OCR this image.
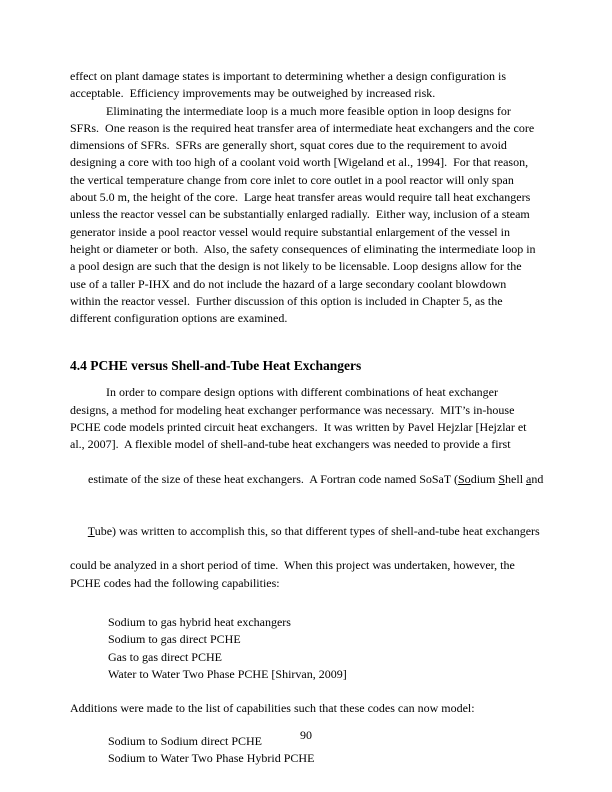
effect on plant damage states is important to determining whether a design configuration is
acceptable.  Efficiency improvements may be outweighed by increased risk.
Eliminating the intermediate loop is a much more feasible option in loop designs for
SFRs.  One reason is the required heat transfer area of intermediate heat exchangers and the core
dimensions of SFRs.  SFRs are generally short, squat cores due to the requirement to avoid
designing a core with too high of a coolant void worth [Wigeland et al., 1994].  For that reason,
the vertical temperature change from core inlet to core outlet in a pool reactor will only span
about 5.0 m, the height of the core.  Large heat transfer areas would require tall heat exchangers
unless the reactor vessel can be substantially enlarged radially.  Either way, inclusion of a steam
generator inside a pool reactor vessel would require substantial enlargement of the vessel in
height or diameter or both.  Also, the safety consequences of eliminating the intermediate loop in
a pool design are such that the design is not likely to be licensable. Loop designs allow for the
use of a taller P-IHX and do not include the hazard of a large secondary coolant blowdown
within the reactor vessel.  Further discussion of this option is included in Chapter 5, as the
different configuration options are examined.
4.4 PCHE versus Shell-and-Tube Heat Exchangers
In order to compare design options with different combinations of heat exchanger
designs, a method for modeling heat exchanger performance was necessary.  MIT’s in-house
PCHE code models printed circuit heat exchangers.  It was written by Pavel Hejzlar [Hejzlar et
al., 2007].  A flexible model of shell-and-tube heat exchangers was needed to provide a first

estimate of the size of these heat exchangers.  A Fortran code named SoSaT (Sodium Shell and

Tube) was written to accomplish this, so that different types of shell-and-tube heat exchangers

could be analyzed in a short period of time.  When this project was undertaken, however, the
PCHE codes had the following capabilities:
Sodium to gas hybrid heat exchangers
Sodium to gas direct PCHE
Gas to gas direct PCHE
Water to Water Two Phase PCHE [Shirvan, 2009]
Additions were made to the list of capabilities such that these codes can now model:
Sodium to Sodium direct PCHE
Sodium to Water Two Phase Hybrid PCHE
90
